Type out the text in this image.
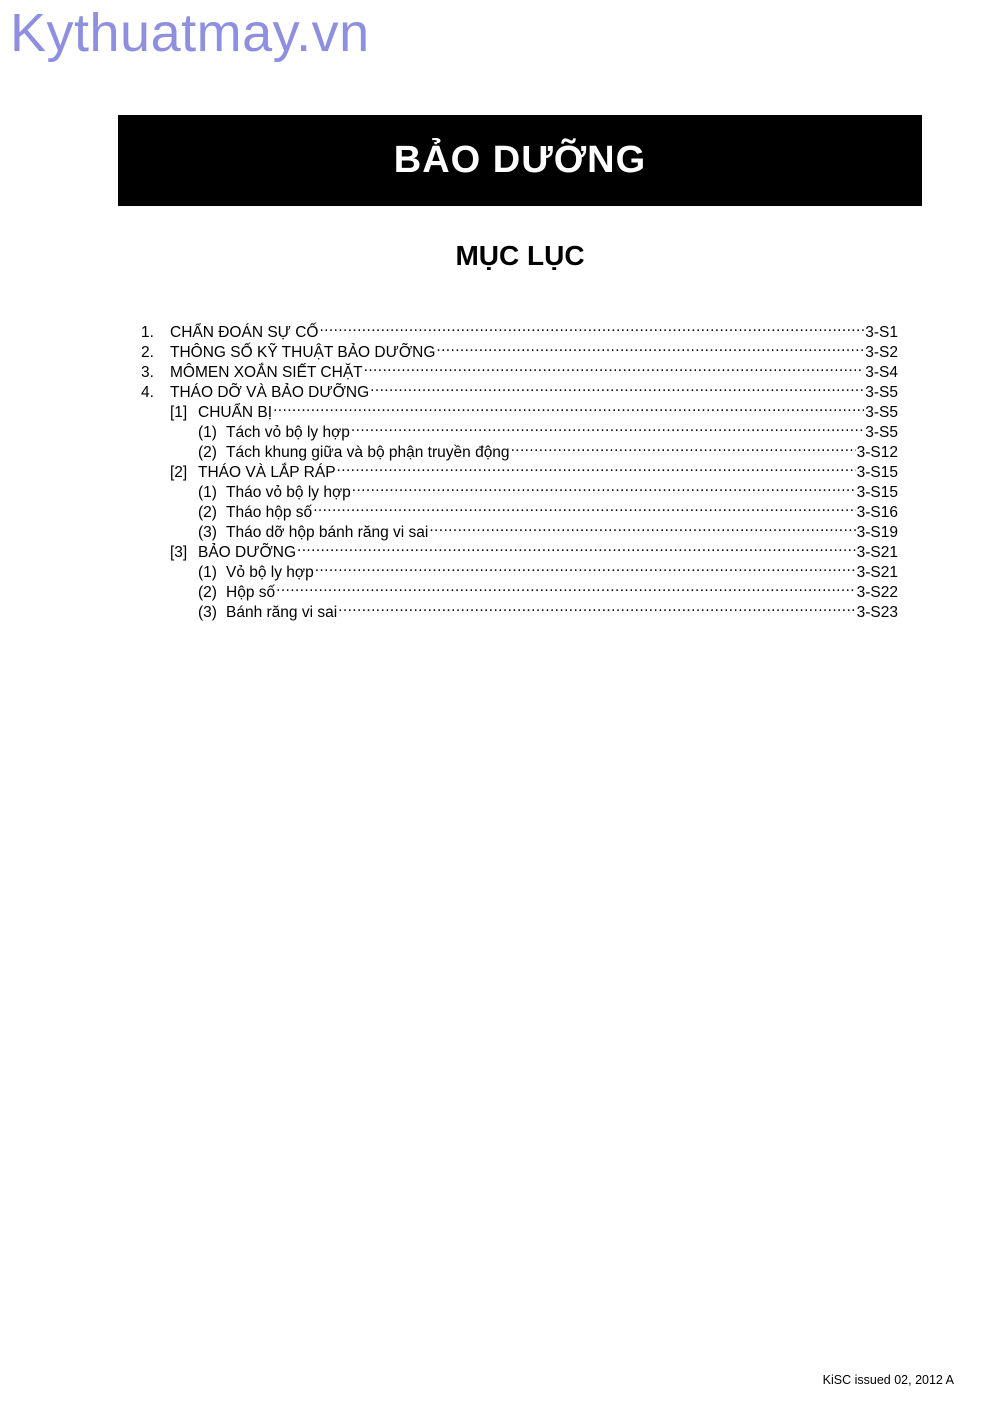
Kythuatmay.vn
BẢO DƯỠNG
MỤC LỤC
1.	CHẨN ĐOÁN SỰ CỐ .....	3-S1
2.	THÔNG SỐ KỸ THUẬT BẢO DƯỠNG .....	3-S2
3.	MÔMEN XOẮN SIẾT CHẶT .....	3-S4
4.	THÁO DỠ VÀ BẢO DƯỠNG .....	3-S5
[1] CHUẨN BỊ .....	3-S5
(1) Tách vỏ bộ ly hợp .....	3-S5
(2) Tách khung giữa và bộ phận truyền động .....	3-S12
[2] THÁO VÀ LẮP RÁP .....	3-S15
(1) Tháo vỏ bộ ly hợp .....	3-S15
(2) Tháo hộp số .....	3-S16
(3) Tháo dỡ hộp bánh răng vi sai .....	3-S19
[3] BẢO DƯỠNG .....	3-S21
(1) Vỏ bộ ly hợp .....	3-S21
(2) Hộp số .....	3-S22
(3) Bánh răng vi sai .....	3-S23
KiSC issued 02, 2012 A
